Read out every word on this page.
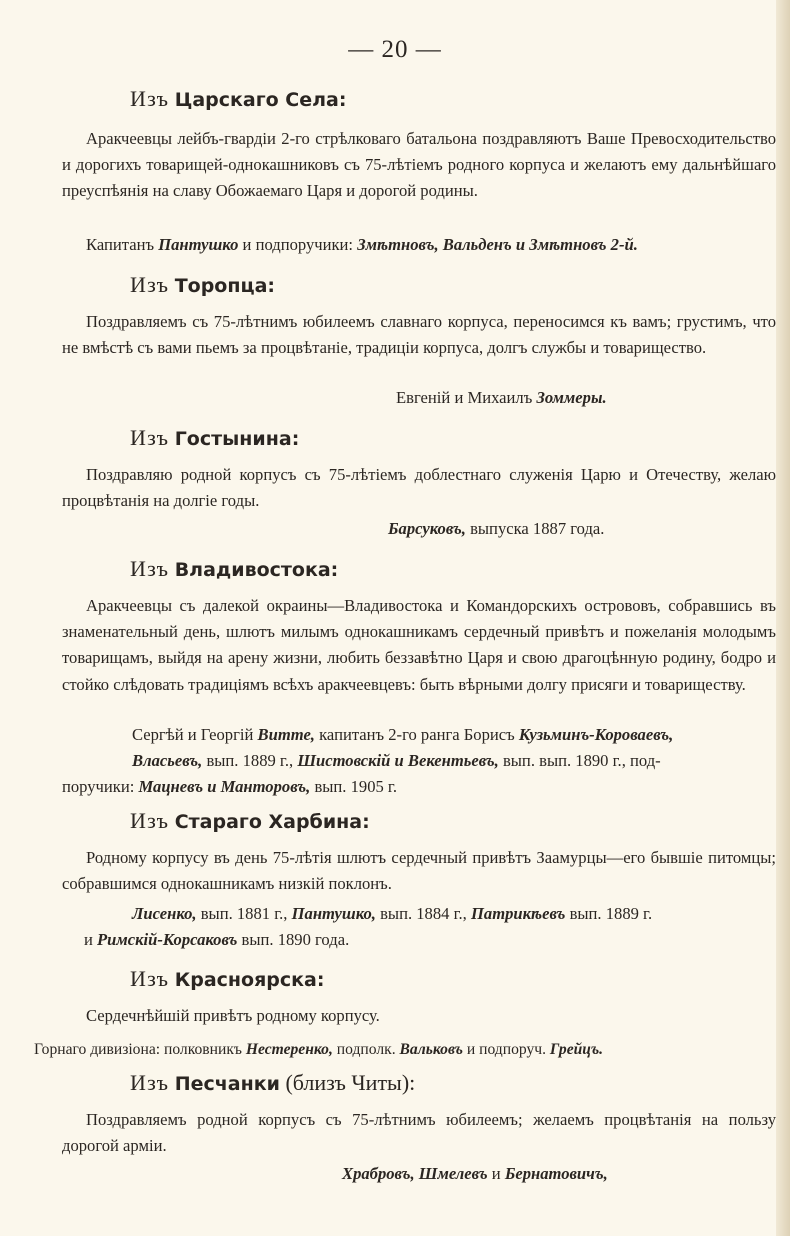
— 20 —
Изъ Царскаго Села:
Аракчеевцы лейбъ-гвардiи 2-го стрѣлковаго батальона поздравляютъ Ваше Превосходительство и дорогихъ товарищей-однокашниковъ съ 75-лѣтiемъ родного корпуса и желаютъ ему дальнѣйшаго преуспѣянiя на славу Обожаемаго Царя и дорогой родины.
Капитанъ Пантушко и подпоручики: Змѣтновъ, Вальденъ и Змѣтновъ 2-й.
Изъ Торопца:
Поздравляемъ съ 75-лѣтнимъ юбилеемъ славнаго корпуса, переносимся къ вамъ; грустимъ, что не вмѣстѣ съ вами пьемъ за процвѣтанiе, традицiи корпуса, долгъ службы и товарищество.
Евгенiй и Михаилъ Зоммеры.
Изъ Гостынина:
Поздравляю родной корпусъ съ 75-лѣтiемъ доблестнаго служенiя Царю и Отечеству, желаю процвѣтанiя на долгiе годы.
Барсуковъ, выпуска 1887 года.
Изъ Владивостока:
Аракчеевцы съ далекой окраины—Владивостока и Командорскихъ острововъ, собравшись въ знаменательный день, шлютъ милымъ однокашникамъ сердечный привѣтъ и пожеланiя молодымъ товарищамъ, выйдя на арену жизни, любить беззавѣтно Царя и свою драгоцѣнную родину, бодро и стойко слѣдовать традицiямъ всѣхъ аракчеевцевъ: быть вѣрными долгу присяги и товариществу.
Сергѣй и Георгiй Витте, капитанъ 2-го ранга Борисъ Кузьминъ-Короваевъ,
Власьевъ, вып. 1889 г., Шистовскiй и Векентьевъ, вып. вып. 1890 г., под-
поручики: Мацневъ и Манторовъ, вып. 1905 г.
Изъ Стараго Харбина:
Родному корпусу въ день 75-лѣтiя шлютъ сердечный привѣтъ Заамурцы—его бывшiе питомцы; собравшимся однокашникамъ низкiй поклонъ.
Лисенко, вып. 1881 г., Пантушко, вып. 1884 г., Патрикѣевъ вып. 1889 г.
и Римскiй-Корсаковъ вып. 1890 года.
Изъ Красноярска:
Сердечнѣйшiй привѣтъ родному корпусу.
Горнаго дивизiона: полковникъ Нестеренко, подполк. Вальковъ и подпоруч. Грейцъ.
Изъ Песчанки (близъ Читы):
Поздравляемъ родной корпусъ съ 75-лѣтнимъ юбилеемъ; желаемъ процвѣтанiя на пользу дорогой армiи.
Храбровъ, Шмелевъ и Бернатовичъ,
